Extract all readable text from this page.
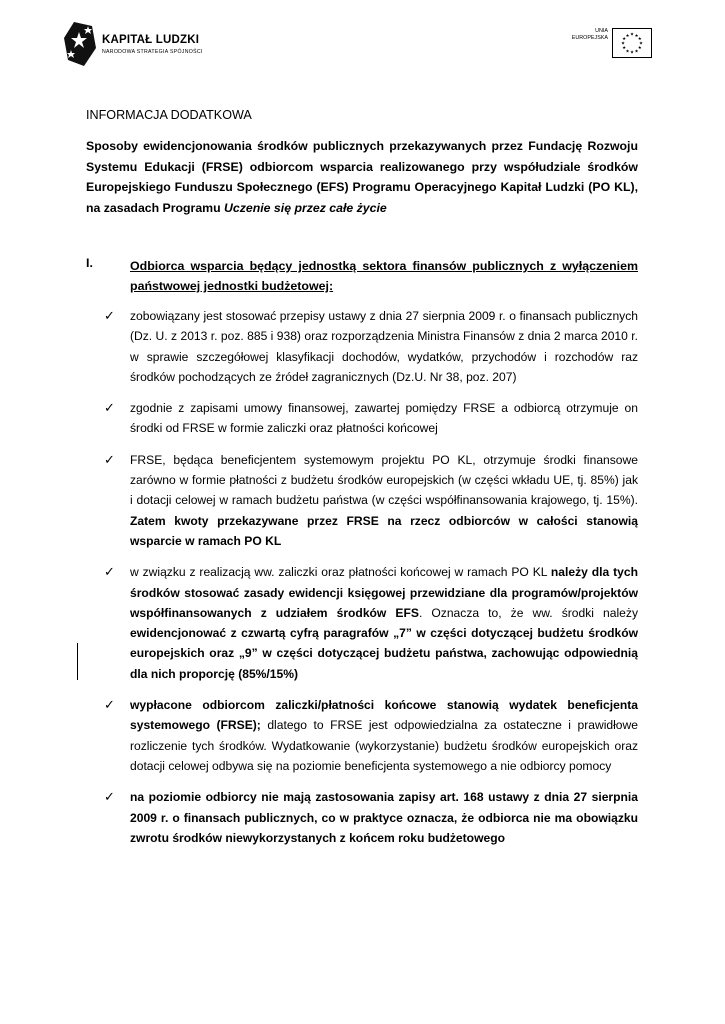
KAPITAŁ LUDZKI
NARODOWA STRATEGIA SPÓJNOŚCI
UNIA
EUROPEJSKA
★
★
★
★
★
★
★
★
★ ★ ★
★
INFORMACJA DODATKOWA
Sposoby ewidencjonowania środków publicznych przekazywanych przez Fundację Rozwoju Systemu Edukacji (FRSE) odbiorcom wsparcia realizowanego przy współudziale środków Europejskiego Funduszu Społecznego (EFS) Programu Operacyjnego Kapitał Ludzki (PO KL), na zasadach Programu Uczenie się przez całe życie
I.	Odbiorca wsparcia będący jednostką sektora finansów publicznych z wyłączeniem państwowej jednostki budżetowej:
✓ zobowiązany jest stosować przepisy ustawy z dnia 27 sierpnia 2009 r. o finansach publicznych (Dz. U. z 2013 r. poz. 885 i 938) oraz rozporządzenia Ministra Finansów z dnia 2 marca 2010 r. w sprawie szczegółowej klasyfikacji dochodów, wydatków, przychodów i rozchodów raz środków pochodzących ze źródeł zagranicznych (Dz.U. Nr 38, poz. 207)
✓ zgodnie z zapisami umowy finansowej, zawartej pomiędzy FRSE a odbiorcą otrzymuje on środki od FRSE w formie zaliczki oraz płatności końcowej
✓ FRSE, będąca beneficjentem systemowym projektu PO KL, otrzymuje środki finansowe zarówno w formie płatności z budżetu środków europejskich (w części wkładu UE, tj. 85%) jak i dotacji celowej w ramach budżetu państwa (w części współfinansowania krajowego, tj. 15%). Zatem kwoty przekazywane przez FRSE na rzecz odbiorców w całości stanowią wsparcie w ramach PO KL
✓ w związku z realizacją ww. zaliczki oraz płatności końcowej w ramach PO KL należy dla tych środków stosować zasady ewidencji księgowej przewidziane dla programów/projektów współfinansowanych z udziałem środków EFS. Oznacza to, że ww. środki należy ewidencjonować z czwartą cyfrą paragrafów „7” w części dotyczącej budżetu środków europejskich oraz „9” w części dotyczącej budżetu państwa, zachowując odpowiednią dla nich proporcję (85%/15%)
✓ wypłacone odbiorcom zaliczki/płatności końcowe stanowią wydatek beneficjenta systemowego (FRSE); dlatego to FRSE jest odpowiedzialna za ostateczne i prawidłowe rozliczenie tych środków. Wydatkowanie (wykorzystanie) budżetu środków europejskich oraz dotacji celowej odbywa się na poziomie beneficjenta systemowego a nie odbiorcy pomocy
✓ na poziomie odbiorcy nie mają zastosowania zapisy art. 168 ustawy z dnia 27 sierpnia 2009 r. o finansach publicznych, co w praktyce oznacza, że odbiorca nie ma obowiązku zwrotu środków niewykorzystanych z końcem roku budżetowego
